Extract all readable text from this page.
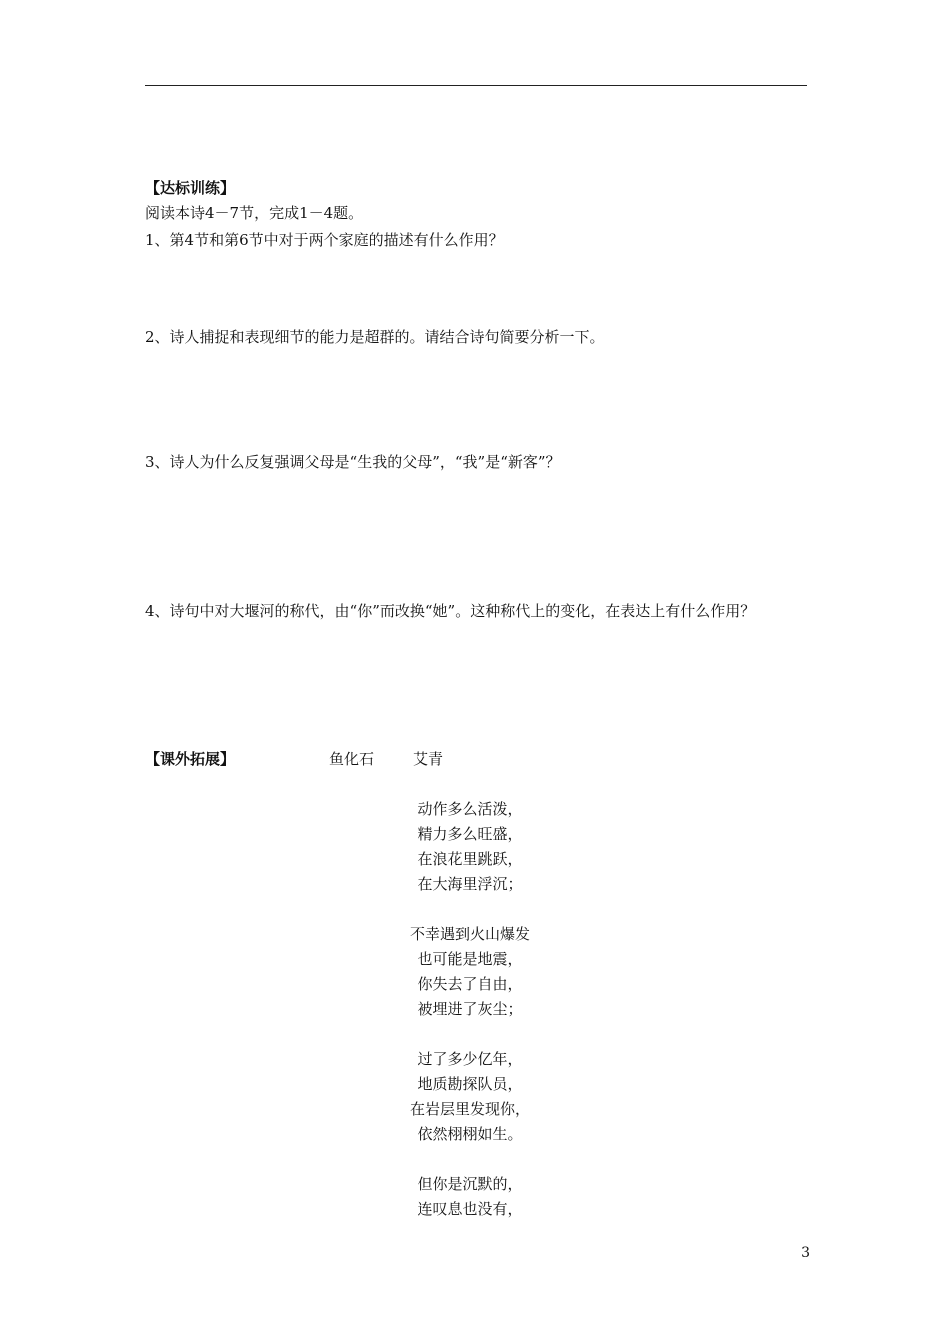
【达标训练】
阅读本诗4－7节，完成1－4题。
1、第4节和第6节中对于两个家庭的描述有什么作用？
2、诗人捕捉和表现细节的能力是超群的。请结合诗句简要分析一下。
3、诗人为什么反复强调父母是“生我的父母”，“我”是“新客”？
4、诗句中对大堰河的称代，由“你”而改换“她”。这种称代上的变化，在表达上有什么作用？
【课外拓展】	鱼化石	艾青
动作多么活泼，
精力多么旺盛，
在浪花里跳跃，
在大海里浮沉；
不幸遇到火山爆发
也可能是地震，
你失去了自由，
被埋进了灰尘；
过了多少亿年，
地质勘探队员，
在岩层里发现你，
依然栩栩如生。
但你是沉默的，
连叹息也没有，
3
